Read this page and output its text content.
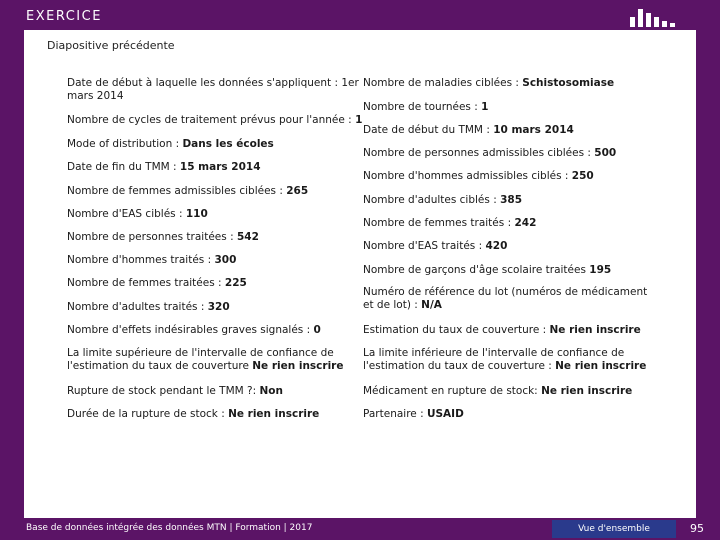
EXERCICE
Diapositive précédente
Date de début à laquelle les données s'appliquent : 1er mars 2014
Nombre de cycles de traitement prévus pour l'année : 1
Mode of distribution : Dans les écoles
Date de fin du TMM : 15 mars 2014
Nombre de femmes admissibles ciblées : 265
Nombre d'EAS ciblés : 110
Nombre de personnes traitées : 542
Nombre d'hommes traités : 300
Nombre de femmes traitées : 225
Nombre d'adultes traités : 320
Nombre d'effets indésirables graves signalés : 0
La limite supérieure de l'intervalle de confiance de l'estimation du taux de couverture Ne rien inscrire
Rupture de stock pendant le TMM ?: Non
Durée de la rupture de stock : Ne rien inscrire
Nombre de maladies ciblées : Schistosomiase
Nombre de tournées : 1
Date de début du TMM : 10 mars 2014
Nombre de personnes admissibles ciblées : 500
Nombre d'hommes admissibles ciblés : 250
Nombre d'adultes ciblés : 385
Nombre de femmes traités : 242
Nombre d'EAS traités : 420
Nombre de garçons d'âge scolaire traitées 195
Numéro de référence du lot (numéros de médicament et de lot) : N/A
Estimation du taux de couverture : Ne rien inscrire
La limite inférieure de l'intervalle de confiance de l'estimation du taux de couverture : Ne rien inscrire
Médicament en rupture de stock: Ne rien inscrire
Partenaire : USAID
Base de données intégrée des données MTN | Formation | 2017	Vue d'ensemble	95
